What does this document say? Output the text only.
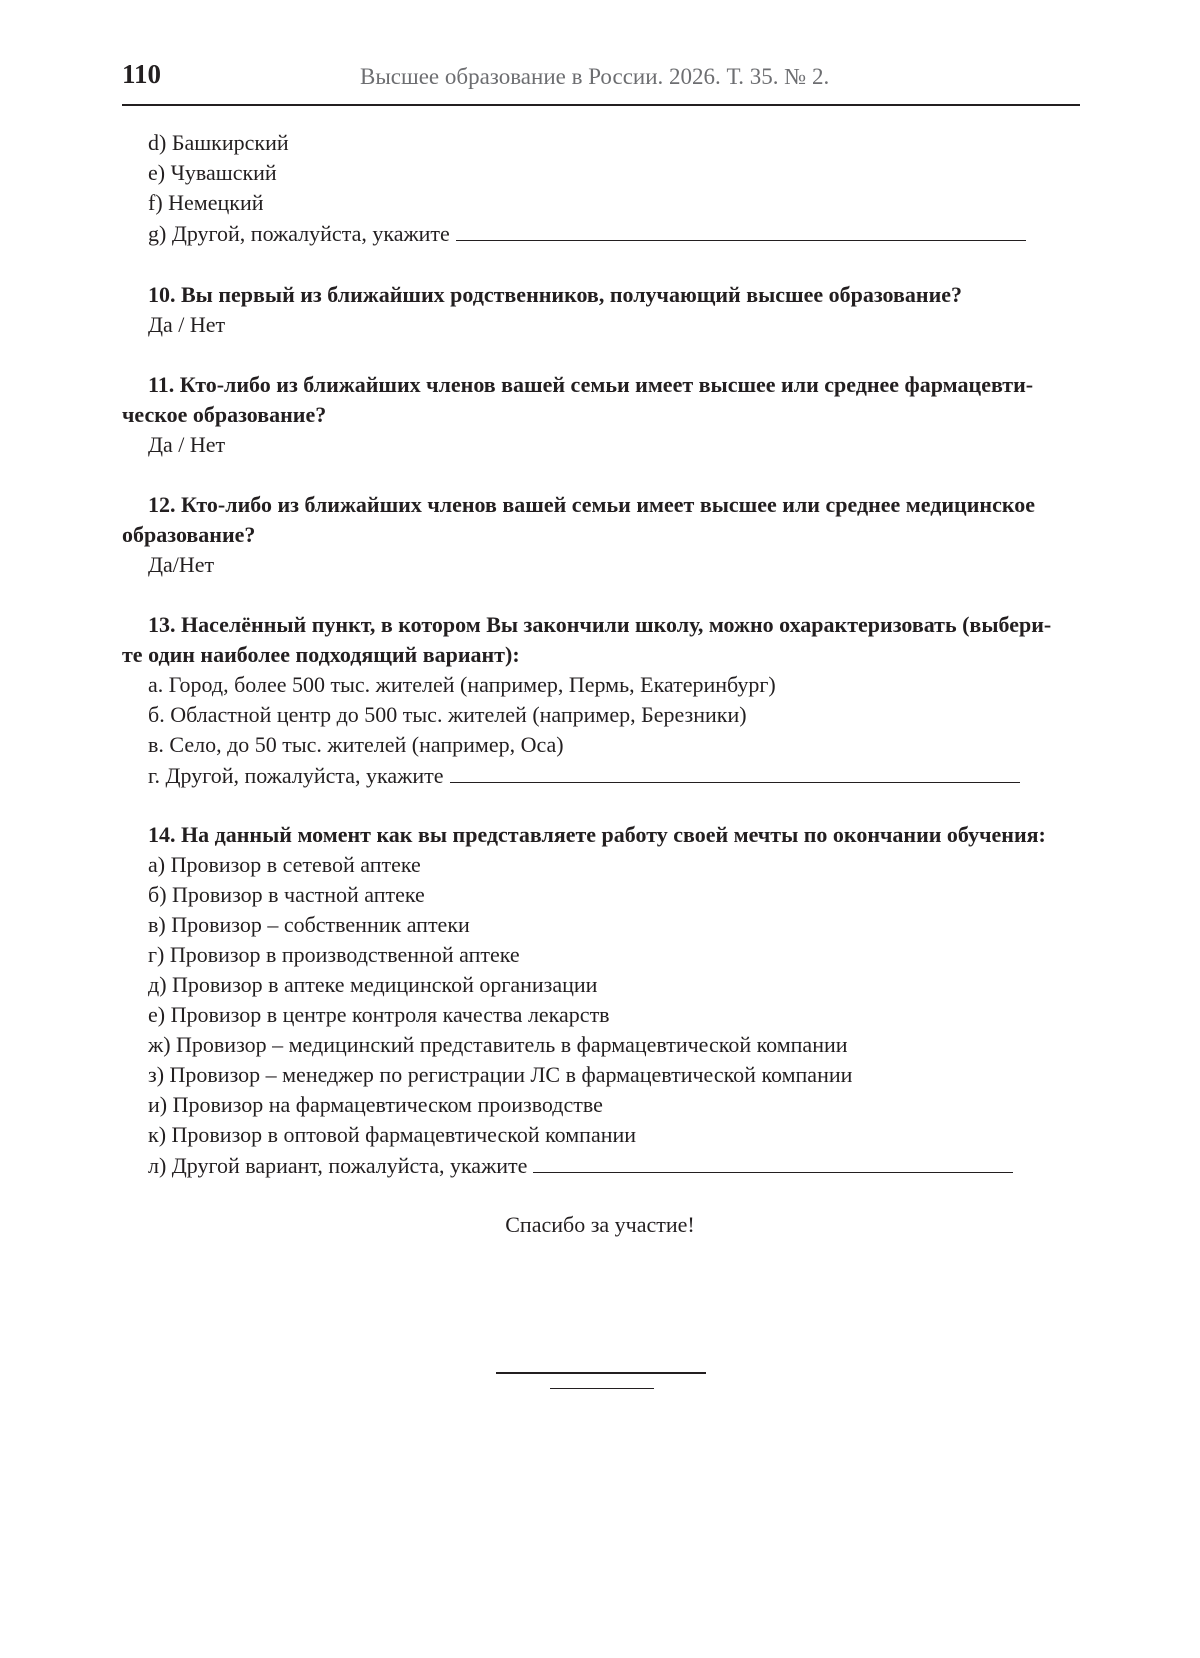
110	Высшее образование в России. 2026. Т. 35. № 2.
d) Башкирский
e) Чувашский
f) Немецкий
g) Другой, пожалуйста, укажите
10. Вы первый из ближайших родственников, получающий высшее образование?
Да / Нет
11. Кто-либо из ближайших членов вашей семьи имеет высшее или среднее фармацевти-
ческое образование?
Да / Нет
12. Кто-либо из ближайших членов вашей семьи имеет высшее или среднее медицинское
образование?
Да/Нет
13. Населённый пункт, в котором Вы закончили школу, можно охарактеризовать (выбери-
те один наиболее подходящий вариант):
а. Город, более 500 тыс. жителей (например, Пермь, Екатеринбург)
б. Областной центр до 500 тыс. жителей (например, Березники)
в. Село, до 50 тыс. жителей (например, Оса)
г. Другой, пожалуйста, укажите
14. На данный момент как вы представляете работу своей мечты по окончании обучения:
а) Провизор в сетевой аптеке
б) Провизор в частной аптеке
в) Провизор – собственник аптеки
г) Провизор в производственной аптеке
д) Провизор в аптеке медицинской организации
е) Провизор в центре контроля качества лекарств
ж) Провизор – медицинский представитель в фармацевтической компании
з) Провизор – менеджер по регистрации ЛС в фармацевтической компании
и) Провизор на фармацевтическом производстве
к) Провизор в оптовой фармацевтической компании
л) Другой вариант, пожалуйста, укажите
Спасибо за участие!
